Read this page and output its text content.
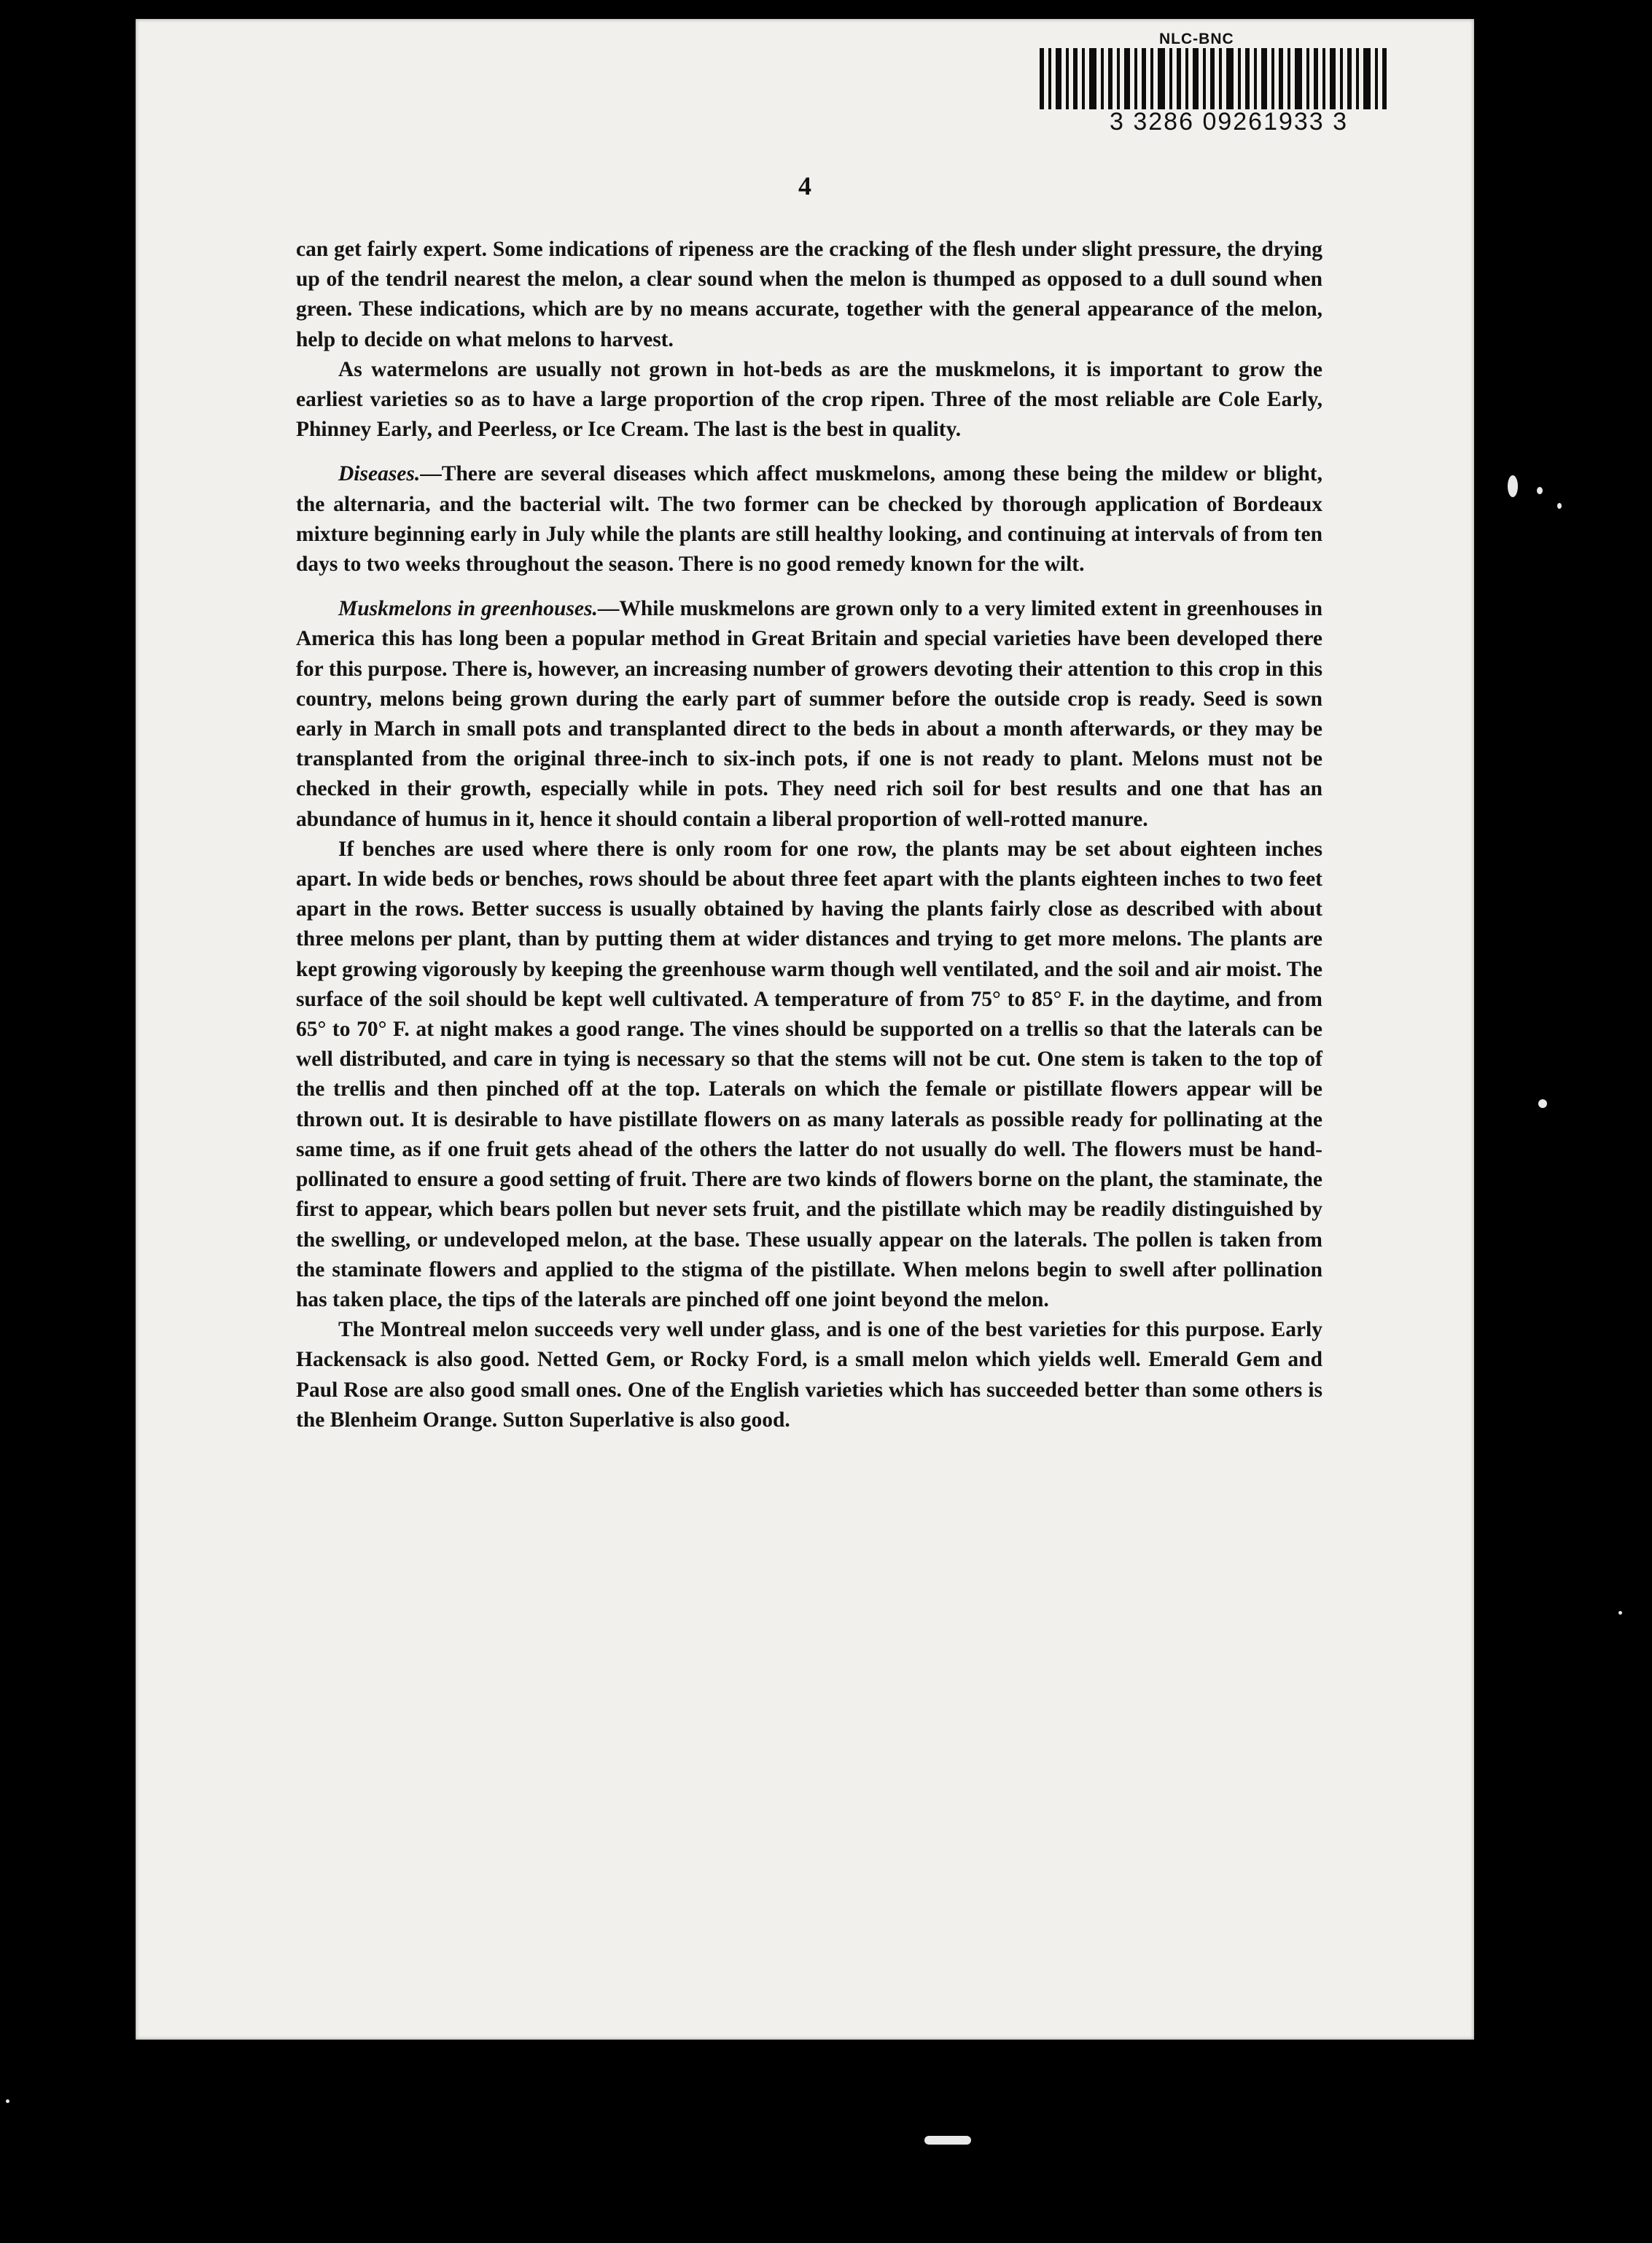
NLC-BNC
3 3286 09261933 3
4

can get fairly expert. Some indications of ripeness are the cracking of the flesh under slight pressure, the drying up of the tendril nearest the melon, a clear sound when the melon is thumped as opposed to a dull sound when green. These indications, which are by no means accurate, together with the general appearance of the melon, help to decide on what melons to harvest.

As watermelons are usually not grown in hot-beds as are the muskmelons, it is important to grow the earliest varieties so as to have a large proportion of the crop ripen. Three of the most reliable are Cole Early, Phinney Early, and Peerless, or Ice Cream. The last is the best in quality.

Diseases.—There are several diseases which affect muskmelons, among these being the mildew or blight, the alternaria, and the bacterial wilt. The two former can be checked by thorough application of Bordeaux mixture beginning early in July while the plants are still healthy looking, and continuing at intervals of from ten days to two weeks throughout the season. There is no good remedy known for the wilt.

Muskmelons in greenhouses.—While muskmelons are grown only to a very limited extent in greenhouses in America this has long been a popular method in Great Britain and special varieties have been developed there for this purpose. There is, however, an increasing number of growers devoting their attention to this crop in this country, melons being grown during the early part of summer before the outside crop is ready. Seed is sown early in March in small pots and transplanted direct to the beds in about a month afterwards, or they may be transplanted from the original three-inch to six-inch pots, if one is not ready to plant. Melons must not be checked in their growth, especially while in pots. They need rich soil for best results and one that has an abundance of humus in it, hence it should contain a liberal proportion of well-rotted manure.

If benches are used where there is only room for one row, the plants may be set about eighteen inches apart. In wide beds or benches, rows should be about three feet apart with the plants eighteen inches to two feet apart in the rows. Better success is usually obtained by having the plants fairly close as described with about three melons per plant, than by putting them at wider distances and trying to get more melons. The plants are kept growing vigorously by keeping the greenhouse warm though well ventilated, and the soil and air moist. The surface of the soil should be kept well cultivated. A temperature of from 75° to 85° F. in the daytime, and from 65° to 70° F. at night makes a good range. The vines should be supported on a trellis so that the laterals can be well distributed, and care in tying is necessary so that the stems will not be cut. One stem is taken to the top of the trellis and then pinched off at the top. Laterals on which the female or pistillate flowers appear will be thrown out. It is desirable to have pistillate flowers on as many laterals as possible ready for pollinating at the same time, as if one fruit gets ahead of the others the latter do not usually do well. The flowers must be hand-pollinated to ensure a good setting of fruit. There are two kinds of flowers borne on the plant, the staminate, the first to appear, which bears pollen but never sets fruit, and the pistillate which may be readily distinguished by the swelling, or undeveloped melon, at the base. These usually appear on the laterals. The pollen is taken from the staminate flowers and applied to the stigma of the pistillate. When melons begin to swell after pollination has taken place, the tips of the laterals are pinched off one joint beyond the melon.

The Montreal melon succeeds very well under glass, and is one of the best varieties for this purpose. Early Hackensack is also good. Netted Gem, or Rocky Ford, is a small melon which yields well. Emerald Gem and Paul Rose are also good small ones. One of the English varieties which has succeeded better than some others is the Blenheim Orange. Sutton Superlative is also good.
